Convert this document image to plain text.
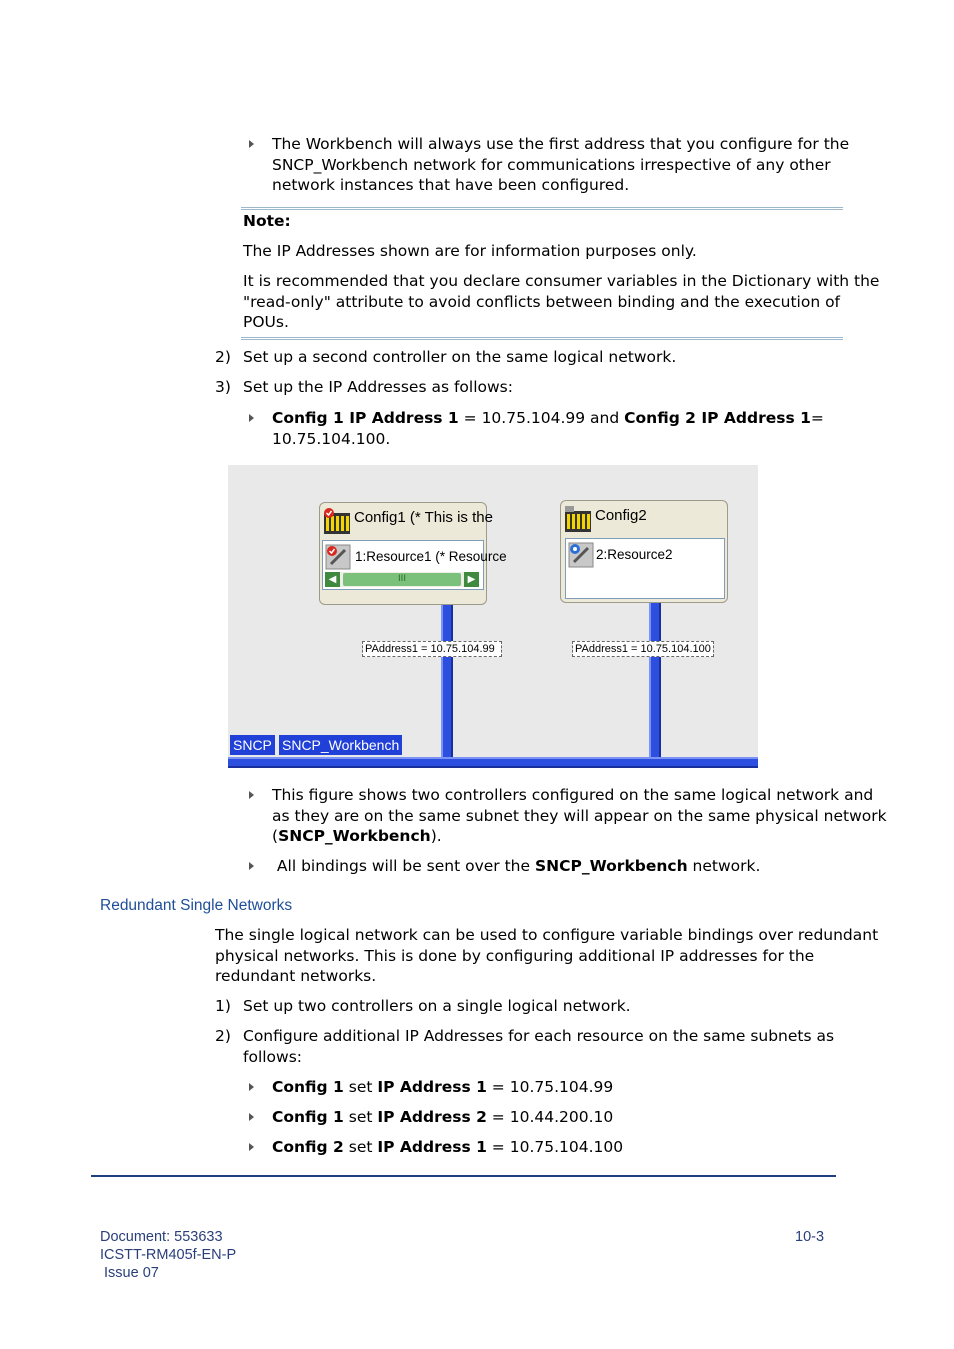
The Workbench will always use the first address that you configure for the
SNCP_Workbench network for communications irrespective of any other
network instances that have been configured.
Note:
The IP Addresses shown are for information purposes only.
It is recommended that you declare consumer variables in the Dictionary with the
"read-only" attribute to avoid conflicts between binding and the execution of
POUs.
2) Set up a second controller on the same logical network.
3) Set up the IP Addresses as follows:
Config 1 IP Address 1 = 10.75.104.99 and Config 2 IP Address 1=
10.75.104.100.
Config1 (* This is the
1:Resource1 (* Resource
◀	III	▶
Config2
2:Resource2
PAddress1 = 10.75.104.99	PAddress1 = 10.75.104.100
SNCP SNCP_Workbench
This figure shows two controllers configured on the same logical network and
as they are on the same subnet they will appear on the same physical network
(SNCP_Workbench).
All bindings will be sent over the SNCP_Workbench network.
Redundant Single Networks
The single logical network can be used to configure variable bindings over redundant
physical networks. This is done by configuring additional IP addresses for the
redundant networks.
1) Set up two controllers on a single logical network.
2) Configure additional IP Addresses for each resource on the same subnets as
follows:
Config 1 set IP Address 1 = 10.75.104.99
Config 1 set IP Address 2 = 10.44.200.10
Config 2 set IP Address 1 = 10.75.104.100
Document: 553633
ICSTT-RM405f-EN-P
Issue 07
10-3
